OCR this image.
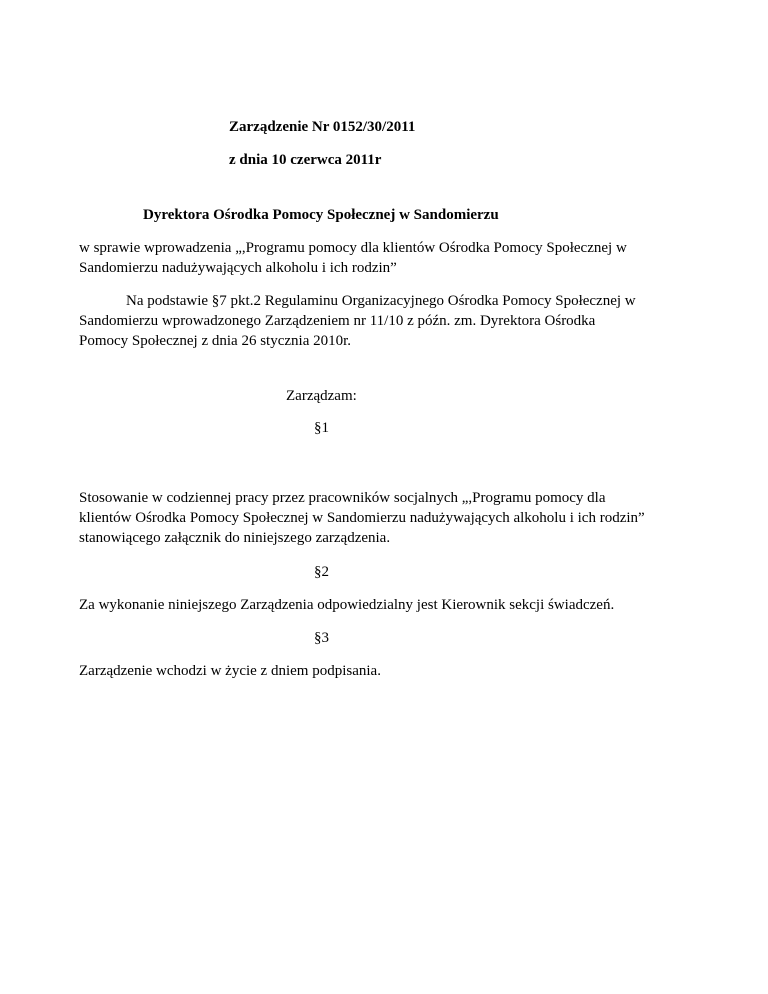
Zarządzenie Nr 0152/30/2011
z dnia 10 czerwca 2011r
Dyrektora Ośrodka Pomocy Społecznej w Sandomierzu
w sprawie wprowadzenia „,Programu pomocy dla klientów Ośrodka Pomocy Społecznej w
Sandomierzu nadużywających alkoholu i ich rodzin”
Na podstawie §7 pkt.2 Regulaminu Organizacyjnego Ośrodka Pomocy Społecznej w
Sandomierzu wprowadzonego Zarządzeniem nr 11/10 z późn. zm. Dyrektora Ośrodka
Pomocy Społecznej z dnia 26 stycznia 2010r.
Zarządzam:
§1
Stosowanie w codziennej pracy przez pracowników socjalnych „,Programu pomocy dla
klientów Ośrodka Pomocy Społecznej w Sandomierzu nadużywających alkoholu i ich rodzin”
stanowiącego załącznik do niniejszego zarządzenia.
§2
Za wykonanie niniejszego Zarządzenia odpowiedzialny jest Kierownik sekcji świadczeń.
§3
Zarządzenie wchodzi w życie z dniem podpisania.
